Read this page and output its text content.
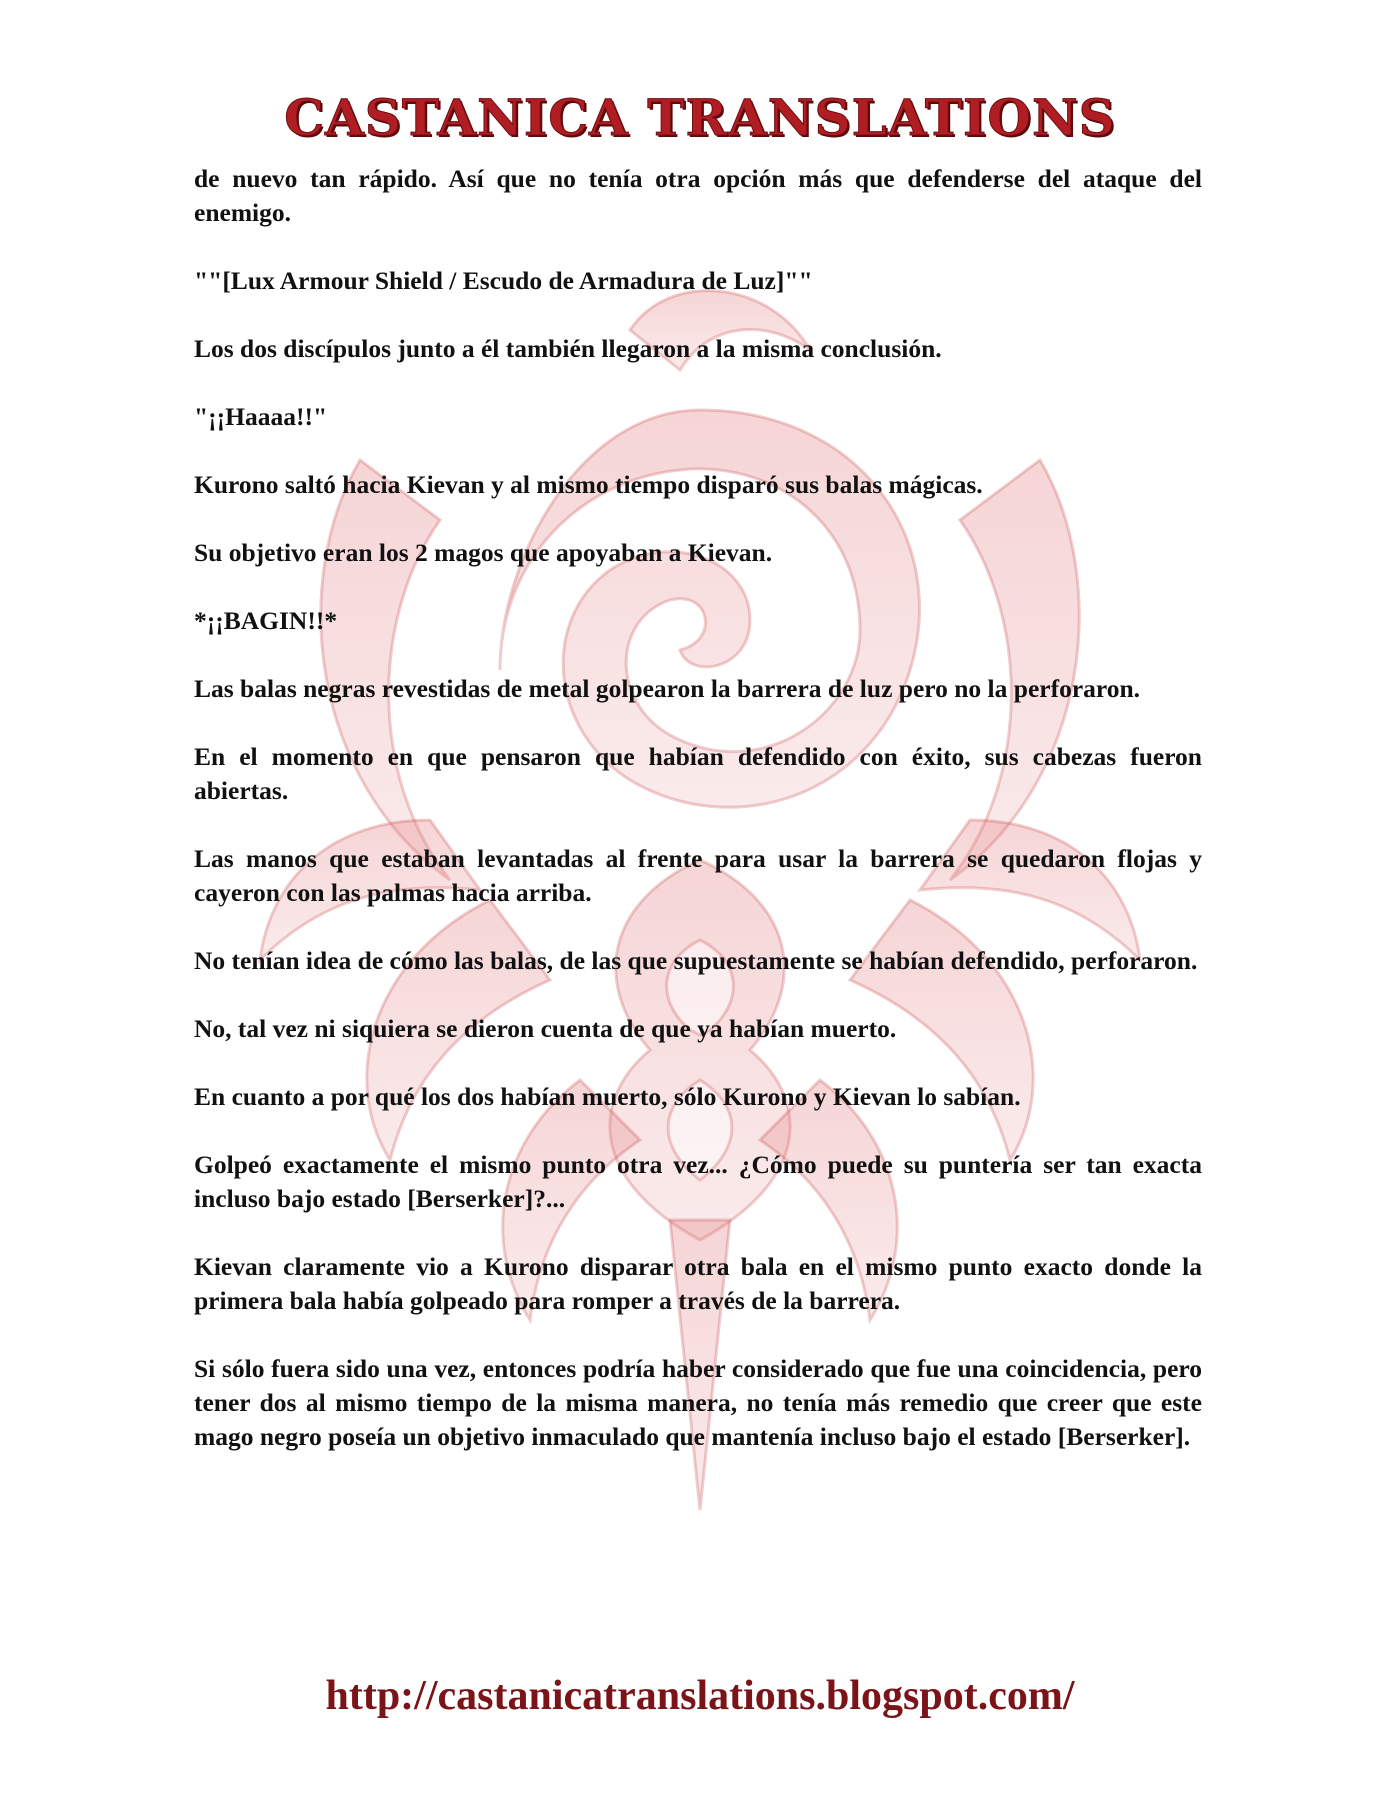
CASTANICA TRANSLATIONS

de nuevo tan rápido. Así que no tenía otra opción más que defenderse del ataque del enemigo.

""[Lux Armour Shield / Escudo de Armadura de Luz]""

Los dos discípulos junto a él también llegaron a la misma conclusión.

"¡¡Haaaa!!"

Kurono saltó hacia Kievan y al mismo tiempo disparó sus balas mágicas.

Su objetivo eran los 2 magos que apoyaban a Kievan.

*¡¡BAGIN!!*

Las balas negras revestidas de metal golpearon la barrera de luz pero no la perforaron.

En el momento en que pensaron que habían defendido con éxito, sus cabezas fueron abiertas.

Las manos que estaban levantadas al frente para usar la barrera se quedaron flojas y cayeron con las palmas hacia arriba.

No tenían idea de cómo las balas, de las que supuestamente se habían defendido, perforaron.

No, tal vez ni siquiera se dieron cuenta de que ya habían muerto.

En cuanto a por qué los dos habían muerto, sólo Kurono y Kievan lo sabían.

Golpeó exactamente el mismo punto otra vez... ¿Cómo puede su puntería ser tan exacta incluso bajo estado [Berserker]?...

Kievan claramente vio a Kurono disparar otra bala en el mismo punto exacto donde la primera bala había golpeado para romper a través de la barrera.

Si sólo fuera sido una vez, entonces podría haber considerado que fue una coincidencia, pero tener dos al mismo tiempo de la misma manera, no tenía más remedio que creer que este mago negro poseía un objetivo inmaculado que mantenía incluso bajo el estado [Berserker].

http://castanicatranslations.blogspot.com/
